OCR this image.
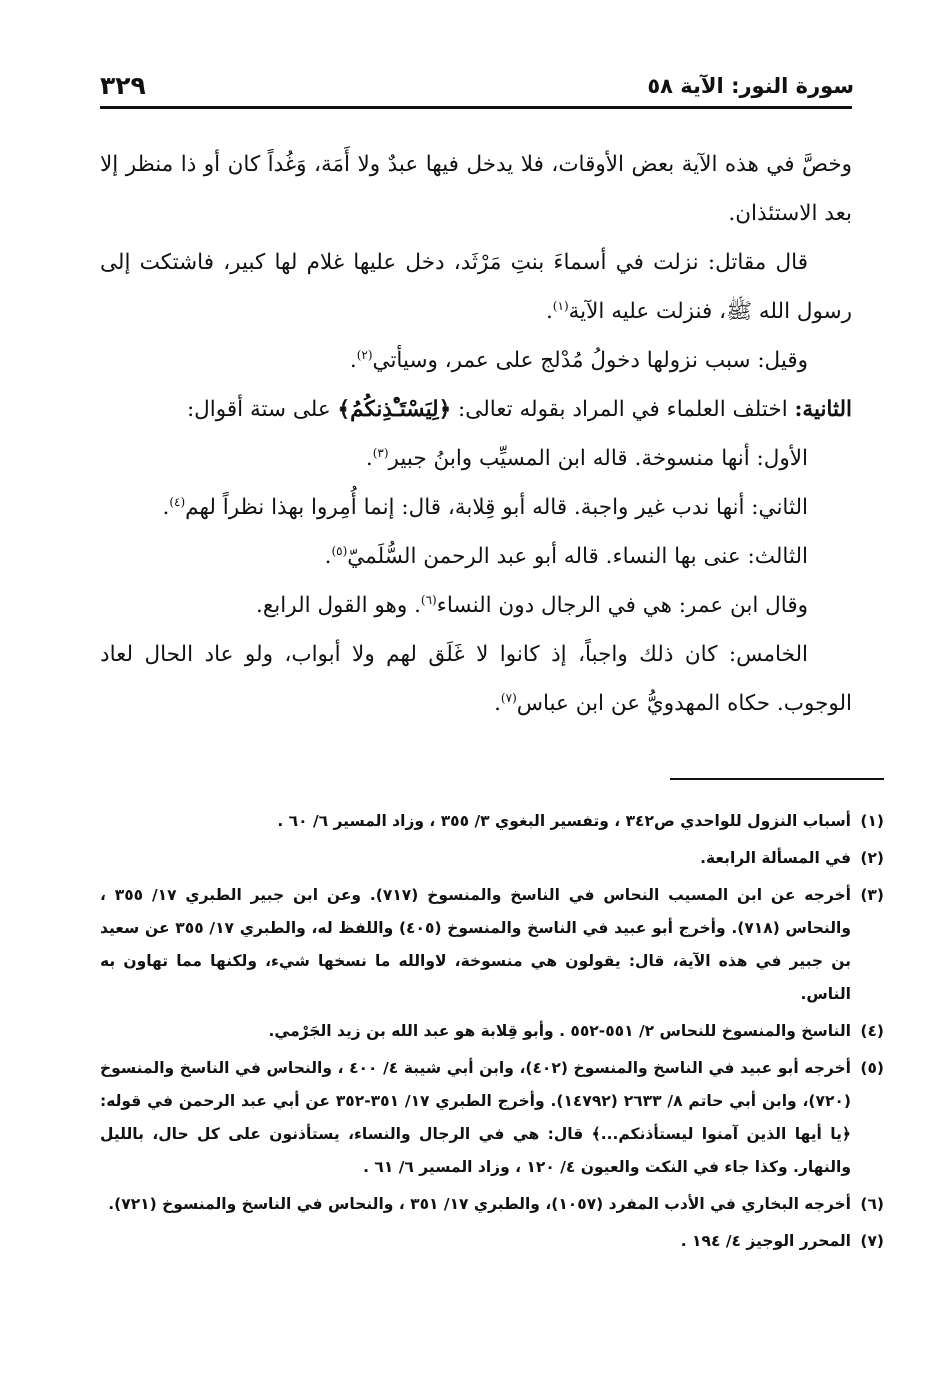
سورة النور: الآية ٥٨
٣٢٩

وخصَّ في هذه الآية بعض الأوقات، فلا يدخل فيها عبدٌ ولا أَمَة، وَغُداً كان أو ذا منظر إلا بعد الاستئذان.

قال مقاتل: نزلت في أسماءَ بنتِ مَرْثَد، دخل عليها غلام لها كبير، فاشتكت إلى رسول الله ﷺ، فنزلت عليه الآية$^{(١)}$.

وقيل: سبب نزولها دخولُ مُدْلج على عمر، وسيأتي$^{(٢)}$.

الثانية: اختلف العلماء في المراد بقوله تعالى: ﴿لِيَسْتَـْٔذِنكُمُ﴾ على ستة أقوال:

الأول: أنها منسوخة. قاله ابن المسيِّب وابنُ جبير$^{(٣)}$.

الثاني: أنها ندب غير واجبة. قاله أبو قِلابة، قال: إنما أُمِروا بهذا نظراً لهم$^{(٤)}$.

الثالث: عنى بها النساء. قاله أبو عبد الرحمن السُّلَميّ$^{(٥)}$.

وقال ابن عمر: هي في الرجال دون النساء$^{(٦)}$. وهو القول الرابع.

الخامس: كان ذلك واجباً، إذ كانوا لا غَلَق لهم ولا أبواب، ولو عاد الحال لعاد الوجوب. حكاه المهدويُّ عن ابن عباس$^{(٧)}$.

(١)أسباب النزول للواحدي ص٣٤٢ ، وتفسير البغوي ٣/ ٣٥٥ ، وزاد المسير ٦/ ٦٠ .

(٢)في المسألة الرابعة.

(٣)أخرجه عن ابن المسيب النحاس في الناسخ والمنسوخ (٧١٧). وعن ابن جبير الطبري ١٧/ ٣٥٥ ، والنحاس (٧١٨). وأخرج أبو عبيد في الناسخ والمنسوخ (٤٠٥) واللفظ له، والطبري ١٧/ ٣٥٥ عن سعيد بن جبير في هذه الآية، قال: يقولون هي منسوخة، لاوالله ما نسخها شيء، ولكنها مما تهاون به الناس.

(٤)الناسخ والمنسوخ للنحاس ٢/ ٥٥١-٥٥٢ . وأبو قِلابة هو عبد الله بن زيد الجَرْمي.

(٥)أخرجه أبو عبيد في الناسخ والمنسوخ (٤٠٢)، وابن أبي شيبة ٤/ ٤٠٠ ، والنحاس في الناسخ والمنسوخ (٧٢٠)، وابن أبي حاتم ٨/ ٢٦٣٣ (١٤٧٩٢). وأخرج الطبري ١٧/ ٣٥١-٣٥٢ عن أبي عبد الرحمن في قوله: ﴿يا أيها الذين آمنوا ليستأذنكم...﴾ قال: هي في الرجال والنساء، يستأذنون على كل حال، بالليل والنهار. وكذا جاء في النكت والعيون ٤/ ١٢٠ ، وزاد المسير ٦/ ٦١ .

(٦)أخرجه البخاري في الأدب المفرد (١٠٥٧)، والطبري ١٧/ ٣٥١ ، والنحاس في الناسخ والمنسوخ (٧٢١).

(٧)المحرر الوجيز ٤/ ١٩٤ .
